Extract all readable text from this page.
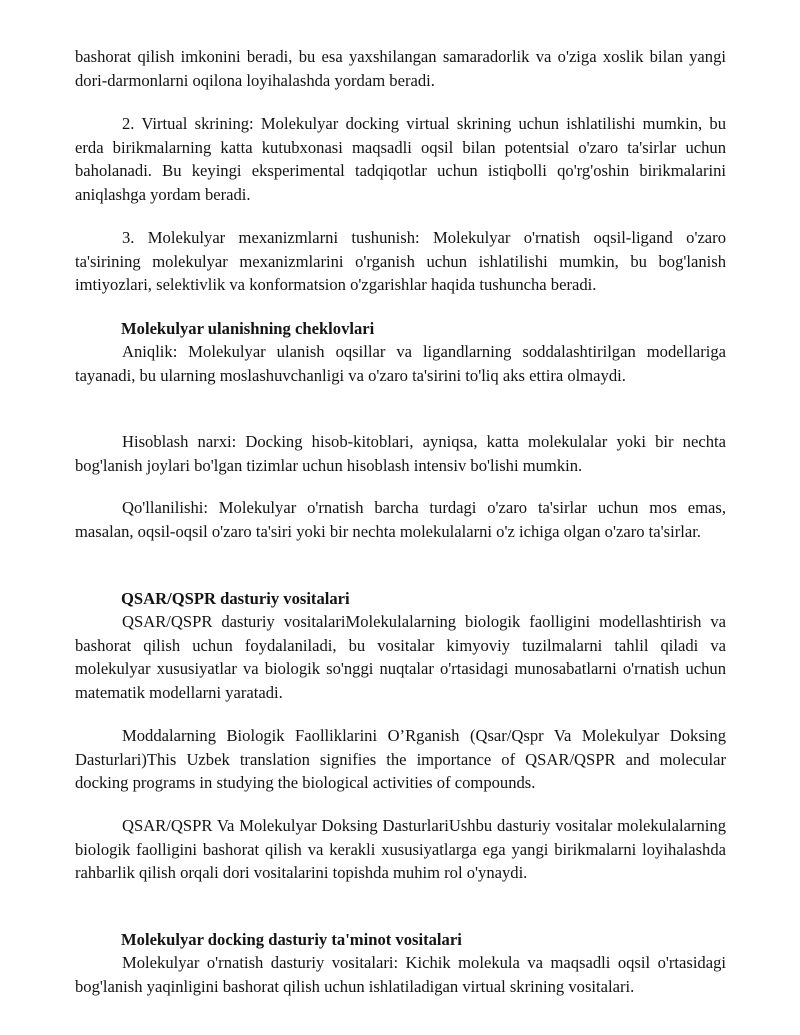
bashorat qilish imkonini beradi, bu esa yaxshilangan samaradorlik va o'ziga xoslik bilan yangi dori-darmonlarni oqilona loyihalashda yordam beradi.

2. Virtual skrining: Molekulyar docking virtual skrining uchun ishlatilishi mumkin, bu erda birikmalarning katta kutubxonasi maqsadli oqsil bilan potentsial o'zaro ta'sirlar uchun baholanadi. Bu keyingi eksperimental tadqiqotlar uchun istiqbolli qo'rg'oshin birikmalarini aniqlashga yordam beradi.

3. Molekulyar mexanizmlarni tushunish: Molekulyar o'rnatish oqsil-ligand o'zaro ta'sirining molekulyar mexanizmlarini o'rganish uchun ishlatilishi mumkin, bu bog'lanish imtiyozlari, selektivlik va konformatsion o'zgarishlar haqida tushuncha beradi.

Molekulyar ulanishning cheklovlari

Aniqlik: Molekulyar ulanish oqsillar va ligandlarning soddalashtirilgan modellariga tayanadi, bu ularning moslashuvchanligi va o'zaro ta'sirini to'liq aks ettira olmaydi.

Hisoblash narxi: Docking hisob-kitoblari, ayniqsa, katta molekulalar yoki bir nechta bog'lanish joylari bo'lgan tizimlar uchun hisoblash intensiv bo'lishi mumkin.

Qo'llanilishi: Molekulyar o'rnatish barcha turdagi o'zaro ta'sirlar uchun mos emas, masalan, oqsil-oqsil o'zaro ta'siri yoki bir nechta molekulalarni o'z ichiga olgan o'zaro ta'sirlar.

QSAR/QSPR dasturiy vositalari

QSAR/QSPR dasturiy vositalariMolekulalarning biologik faolligini modellashtirish va bashorat qilish uchun foydalaniladi, bu vositalar kimyoviy tuzilmalarni tahlil qiladi va molekulyar xususiyatlar va biologik so'nggi nuqtalar o'rtasidagi munosabatlarni o'rnatish uchun matematik modellarni yaratadi.

Moddalarning Biologik Faolliklarini O’Rganish (Qsar/Qspr Va Molekulyar Doksing Dasturlari)This Uzbek translation signifies the importance of QSAR/QSPR and molecular docking programs in studying the biological activities of compounds.

QSAR/QSPR Va Molekulyar Doksing DasturlariUshbu dasturiy vositalar molekulalarning biologik faolligini bashorat qilish va kerakli xususiyatlarga ega yangi birikmalarni loyihalashda rahbarlik qilish orqali dori vositalarini topishda muhim rol o'ynaydi.

Molekulyar docking dasturiy ta'minot vositalari

Molekulyar o'rnatish dasturiy vositalari: Kichik molekula va maqsadli oqsil o'rtasidagi bog'lanish yaqinligini bashorat qilish uchun ishlatiladigan virtual skrining vositalari.
